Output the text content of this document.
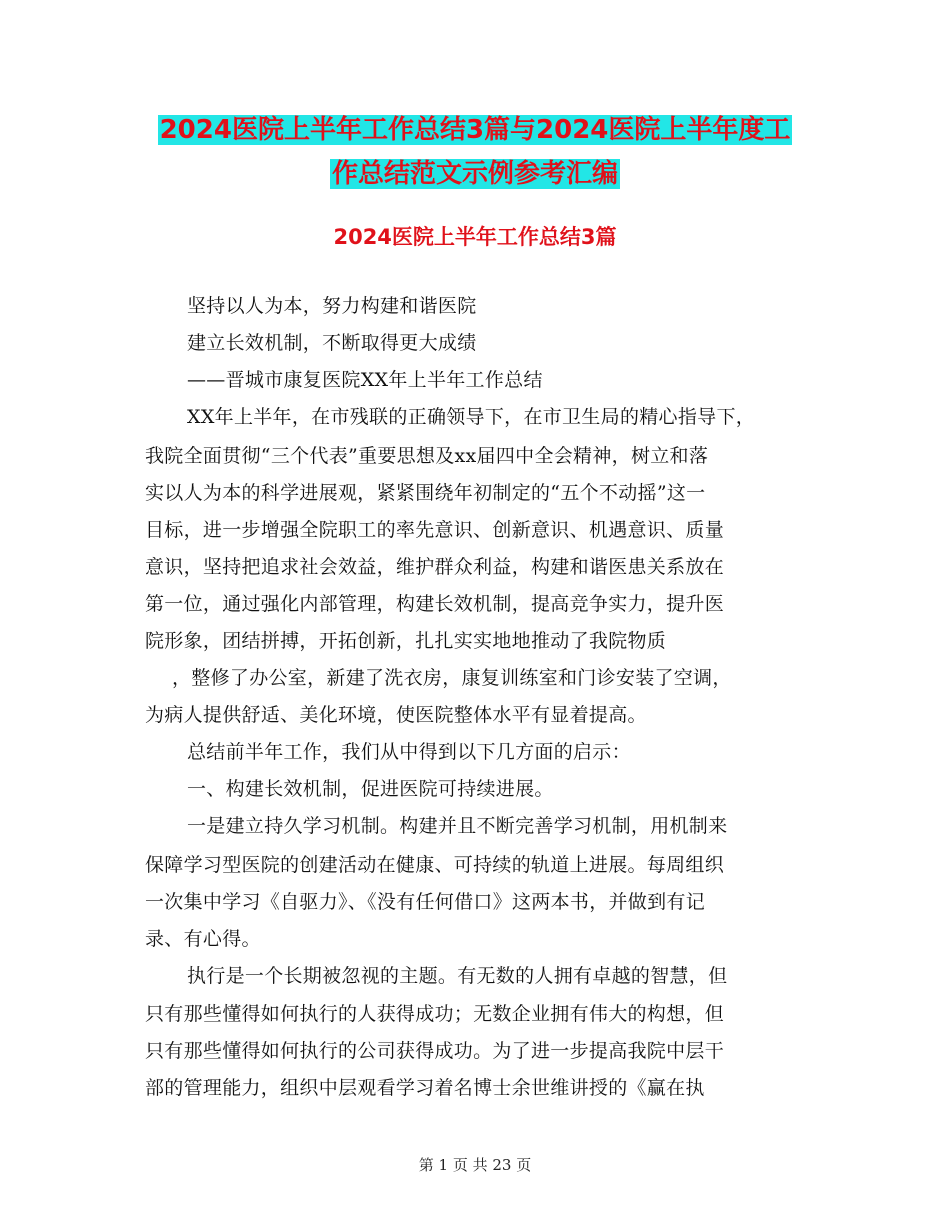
2024医院上半年工作总结3篇与2024医院上半年度工
作总结范文示例参考汇编
2024医院上半年工作总结3篇

坚持以人为本，努力构建和谐医院

建立长效机制，不断取得更大成绩

——晋城市康复医院XX年上半年工作总结

XX年上半年，在市残联的正确领导下，在市卫生局的精心指导下，

我院全面贯彻“三个代表”重要思想及xx届四中全会精神，树立和落

实以人为本的科学进展观，紧紧围绕年初制定的“五个不动摇”这一

目标，进一步增强全院职工的率先意识、创新意识、机遇意识、质量

意识，坚持把追求社会效益，维护群众利益，构建和谐医患关系放在

第一位，通过强化内部管理，构建长效机制，提高竞争实力，提升医

院形象，团结拼搏，开拓创新，扎扎实实地地推动了我院物质

，整修了办公室，新建了洗衣房，康复训练室和门诊安装了空调，

为病人提供舒适、美化环境，使医院整体水平有显着提高。

总结前半年工作，我们从中得到以下几方面的启示：

一、构建长效机制，促进医院可持续进展。

一是建立持久学习机制。构建并且不断完善学习机制，用机制来

保障学习型医院的创建活动在健康、可持续的轨道上进展。每周组织

一次集中学习《自驱力》、《没有任何借口》这两本书，并做到有记

录、有心得。

执行是一个长期被忽视的主题。有无数的人拥有卓越的智慧，但

只有那些懂得如何执行的人获得成功；无数企业拥有伟大的构想，但

只有那些懂得如何执行的公司获得成功。为了进一步提高我院中层干

部的管理能力，组织中层观看学习着名博士余世维讲授的《赢在执

第 1 页 共 23 页
